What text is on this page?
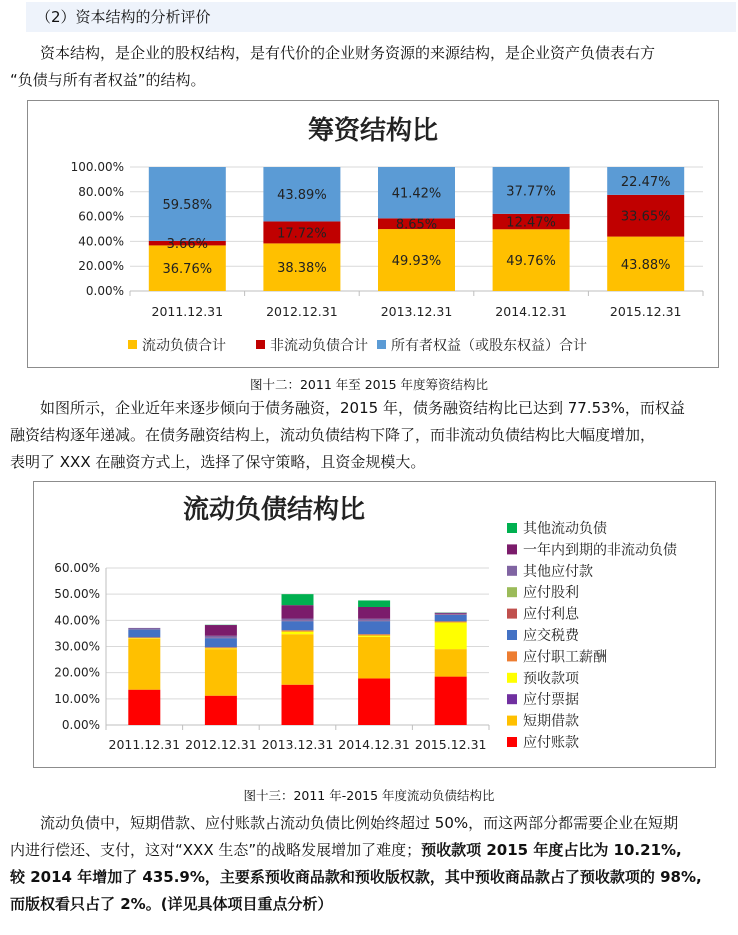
（2）资本结构的分析评价
资本结构，是企业的股权结构，是有代价的企业财务资源的来源结构，是企业资产负债表右方
“负债与所有者权益”的结构。
筹资结构比
0.00%
20.00%
40.00%
60.00%
80.00%
100.00%
2011.12.31
36.76%
3.66%
59.58%
2012.12.31
38.38%
17.72%
43.89%
2013.12.31
49.93%
8.65%
41.42%
2014.12.31
49.76%
12.47%
37.77%
2015.12.31
43.88%
33.65%
22.47%
流动负债合计	非流动负债合计 所有者权益（或股东权益）合计
图十二：2011 年至 2015 年度筹资结构比
如图所示，企业近年来逐步倾向于债务融资，2015 年，债务融资结构比已达到 77.53%，而权益
融资结构逐年递减。在债务融资结构上，流动负债结构下降了，而非流动负债结构比大幅度增加，
表明了 XXX 在融资方式上，选择了保守策略，且资金规模大。
流动负债结构比
0.00%
10.00%
20.00%
30.00%
40.00%
50.00%
60.00%
2011.12.31 2012.12.31 2013.12.31 2014.12.31 2015.12.31
其他流动负债
一年内到期的非流动负债
其他应付款
应付股利
应付利息
应交税费
应付职工薪酬
预收款项
应付票据
短期借款
应付账款
图十三：2011 年-2015 年度流动负债结构比
流动负债中，短期借款、应付账款占流动负债比例始终超过 50%，而这两部分都需要企业在短期
内进行偿还、支付，这对“XXX 生态”的战略发展增加了难度；预收款项 2015 年度占比为 10.21%,
较 2014 年增加了 435.9%，主要系预收商品款和预收版权款，其中预收商品款占了预收款项的 98%,
而版权看只占了 2%。(详见具体项目重点分析）
